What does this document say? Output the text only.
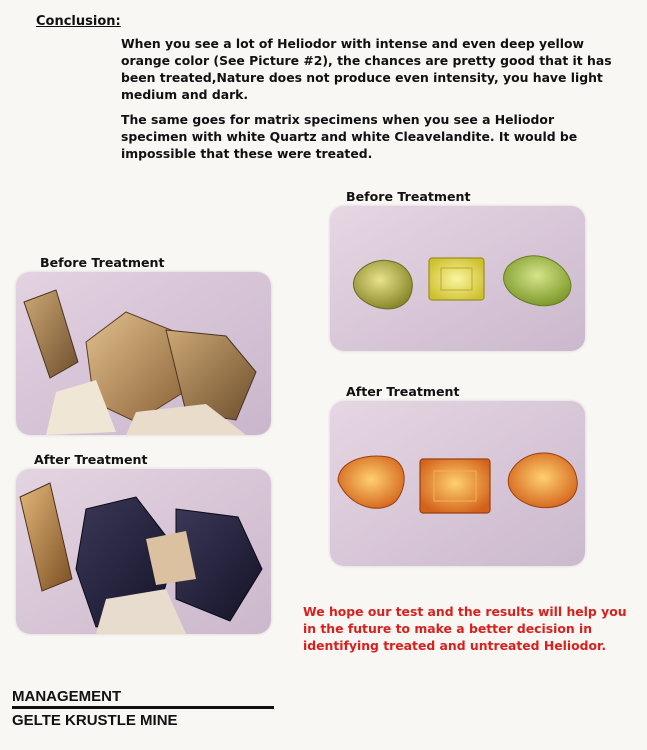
Conclusion:
When you see a lot of Heliodor with intense and even deep yellow orange color (See Picture #2), the chances are pretty good that it has been treated,Nature does not produce even intensity, you have light medium and dark.
The same goes for matrix specimens when you see a Heliodor specimen with white Quartz and white Cleavelandite. It would be impossible that these were treated.
Before Treatment
Before Treatment
After Treatment
After Treatment
We hope our test and the results will help you in the future to make a better decision in identifying treated and untreated Heliodor.
MANAGEMENT
GELTE KRUSTLE MINE
